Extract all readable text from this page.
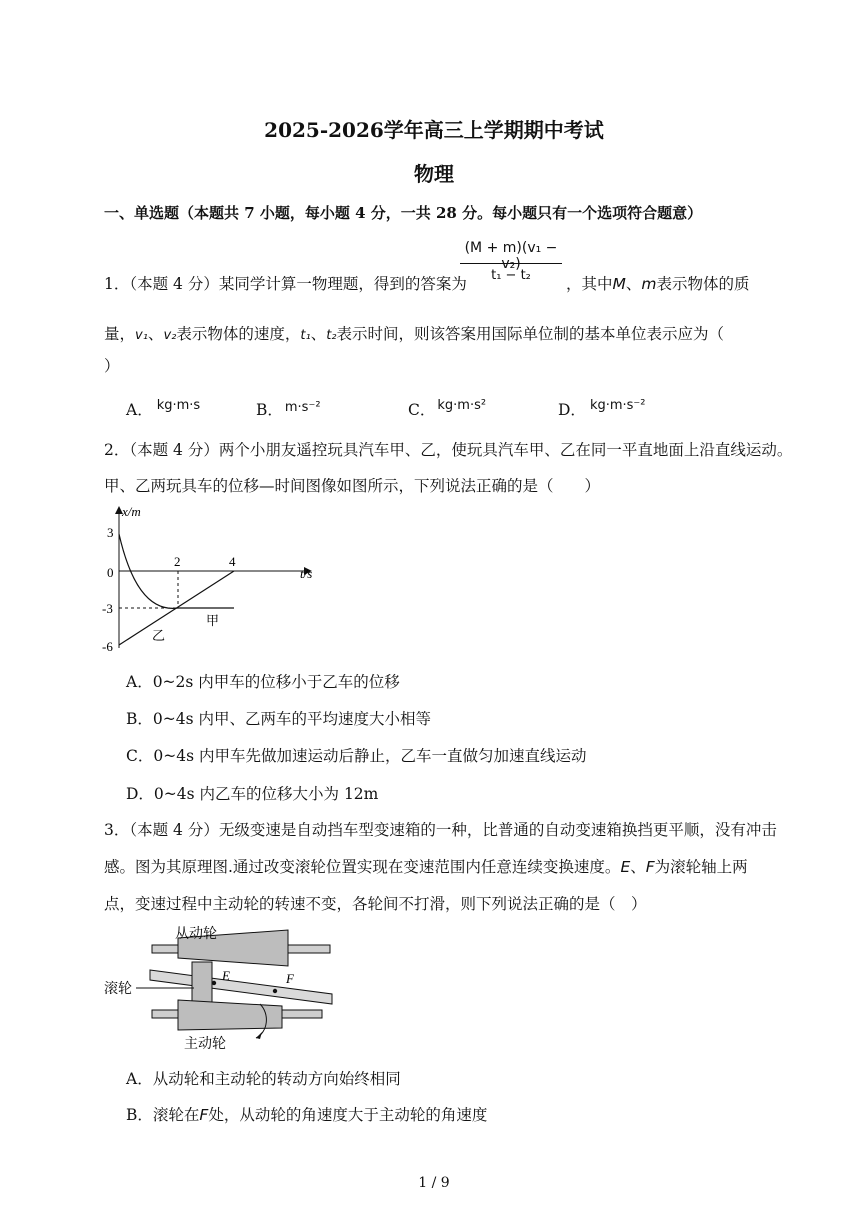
2025-2026学年高三上学期期中考试
物理
一、单选题（本题共 7 小题，每小题 4 分，一共 28 分。每小题只有一个选项符合题意）
1．（本题 4 分）某同学计算一物理题，得到的答案为
(M + m)(v₁ − v₂)
t₁ − t₂	，其中M、m表示物体的质
量，v₁、v₂表示物体的速度，t₁、t₂表示时间，则该答案用国际单位制的基本单位表示应为（
）
A． $^{kg\cdot m\cdot s}$	B． $^{m\cdot s^{-2}}$	C． $^{kg\cdot m\cdot s^2}$	D． $^{kg\cdot m\cdot s^{-2}}$
2．（本题 4 分）两个小朋友遥控玩具汽车甲、乙，使玩具汽车甲、乙在同一平直地面上沿直线运动。
甲、乙两玩具车的位移—时间图像如图所示，下列说法正确的是（　　）
x/m
t/s
3
0
-3
-6
2	4
甲
乙
A．0~2s 内甲车的位移小于乙车的位移
B．0~4s 内甲、乙两车的平均速度大小相等
C．0~4s 内甲车先做加速运动后静止，乙车一直做匀加速直线运动
D．0~4s 内乙车的位移大小为 12m
3．（本题 4 分）无级变速是自动挡车型变速箱的一种，比普通的自动变速箱换挡更平顺，没有冲击
感。图为其原理图.通过改变滚轮位置实现在变速范围内任意连续变换速度。E、F为滚轮轴上两
点，变速过程中主动轮的转速不变，各轮间不打滑，则下列说法正确的是（　）
E	F
从动轮
滚轮
主动轮
A．从动轮和主动轮的转动方向始终相同
B．滚轮在F处，从动轮的角速度大于主动轮的角速度
1 / 9
